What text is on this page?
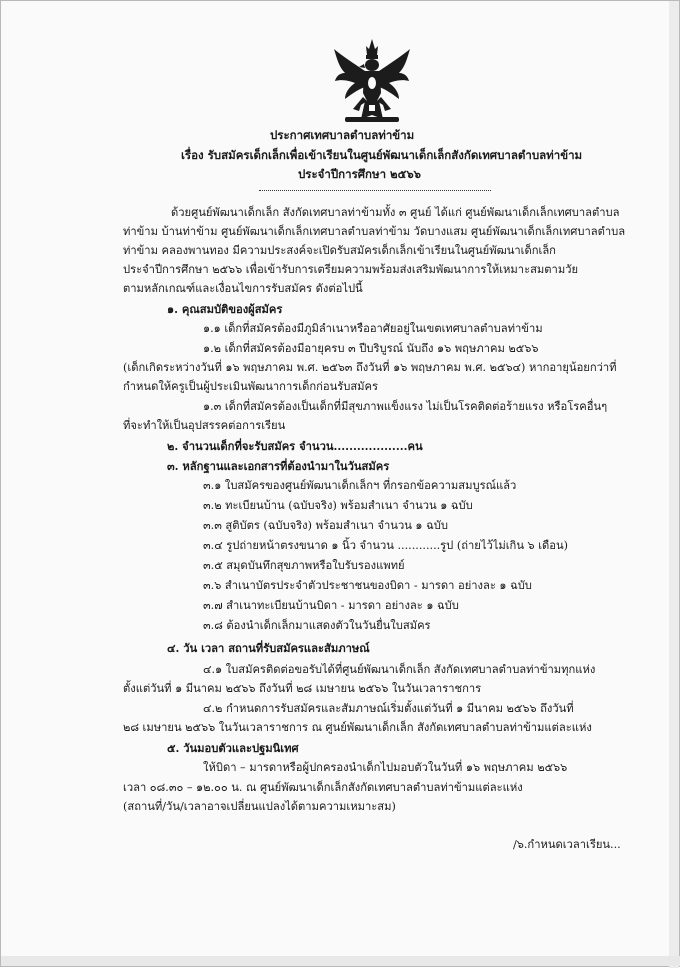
ประกาศเทศบาลตำบลท่าข้าม
เรื่อง รับสมัครเด็กเล็กเพื่อเข้าเรียนในศูนย์พัฒนาเด็กเล็กสังกัดเทศบาลตำบลท่าข้าม
ประจำปีการศึกษา ๒๕๖๖
ด้วยศูนย์พัฒนาเด็กเล็ก สังกัดเทศบาลท่าข้ามทั้ง ๓ ศูนย์ ได้แก่ ศูนย์พัฒนาเด็กเล็กเทศบาลตำบล
ท่าข้าม บ้านท่าข้าม ศูนย์พัฒนาเด็กเล็กเทศบาลตำบลท่าข้าม วัดบางแสม ศูนย์พัฒนาเด็กเล็กเทศบาลตำบล
ท่าข้าม คลองพานทอง มีความประสงค์จะเปิดรับสมัครเด็กเล็กเข้าเรียนในศูนย์พัฒนาเด็กเล็ก
ประจำปีการศึกษา ๒๕๖๖ เพื่อเข้ารับการเตรียมความพร้อมส่งเสริมพัฒนาการให้เหมาะสมตามวัย
ตามหลักเกณฑ์และเงื่อนไขการรับสมัคร ดังต่อไปนี้
๑. คุณสมบัติของผู้สมัคร
๑.๑ เด็กที่สมัครต้องมีภูมิลำเนาหรืออาศัยอยู่ในเขตเทศบาลตำบลท่าข้าม
๑.๒ เด็กที่สมัครต้องมีอายุครบ ๓ ปีบริบูรณ์ นับถึง ๑๖ พฤษภาคม ๒๕๖๖
(เด็กเกิดระหว่างวันที่ ๑๖ พฤษภาคม พ.ศ. ๒๕๖๓ ถึงวันที่ ๑๖ พฤษภาคม พ.ศ. ๒๕๖๔) หากอายุน้อยกว่าที่
กำหนดให้ครูเป็นผู้ประเมินพัฒนาการเด็กก่อนรับสมัคร
๑.๓ เด็กที่สมัครต้องเป็นเด็กที่มีสุขภาพแข็งแรง ไม่เป็นโรคติดต่อร้ายแรง หรือโรคอื่นๆ
ที่จะทำให้เป็นอุปสรรคต่อการเรียน
๒. จำนวนเด็กที่จะรับสมัคร จำนวน...................คน
๓. หลักฐานและเอกสารที่ต้องนำมาในวันสมัคร
๓.๑ ใบสมัครของศูนย์พัฒนาเด็กเล็กฯ ที่กรอกข้อความสมบูรณ์แล้ว
๓.๒ ทะเบียนบ้าน (ฉบับจริง) พร้อมสำเนา จำนวน ๑ ฉบับ
๓.๓ สูติบัตร (ฉบับจริง) พร้อมสำเนา จำนวน ๑ ฉบับ
๓.๔ รูปถ่ายหน้าตรงขนาด ๑ นิ้ว จำนวน ............รูป (ถ่ายไว้ไม่เกิน ๖ เดือน)
๓.๕ สมุดบันทึกสุขภาพหรือใบรับรองแพทย์
๓.๖ สำเนาบัตรประจำตัวประชาชนของบิดา - มารดา อย่างละ ๑ ฉบับ
๓.๗ สำเนาทะเบียนบ้านบิดา - มารดา อย่างละ ๑ ฉบับ
๓.๘ ต้องนำเด็กเล็กมาแสดงตัวในวันยื่นใบสมัคร
๔. วัน เวลา สถานที่รับสมัครและสัมภาษณ์
๔.๑ ใบสมัครติดต่อขอรับได้ที่ศูนย์พัฒนาเด็กเล็ก สังกัดเทศบาลตำบลท่าข้ามทุกแห่ง
ตั้งแต่วันที่ ๑ มีนาคม ๒๕๖๖ ถึงวันที่ ๒๘ เมษายน ๒๕๖๖ ในวันเวลาราชการ
๔.๒ กำหนดการรับสมัครและสัมภาษณ์เริ่มตั้งแต่วันที่ ๑ มีนาคม ๒๕๖๖ ถึงวันที่
๒๘ เมษายน ๒๕๖๖ ในวันเวลาราชการ ณ ศูนย์พัฒนาเด็กเล็ก สังกัดเทศบาลตำบลท่าข้ามแต่ละแห่ง
๕. วันมอบตัวและปฐมนิเทศ
ให้บิดา – มารดาหรือผู้ปกครองนำเด็กไปมอบตัวในวันที่ ๑๖ พฤษภาคม ๒๕๖๖
เวลา ๐๘.๓๐ – ๑๒.๐๐ น. ณ ศูนย์พัฒนาเด็กเล็กสังกัดเทศบาลตำบลท่าข้ามแต่ละแห่ง
(สถานที่/วัน/เวลาอาจเปลี่ยนแปลงได้ตามความเหมาะสม)
/๖.กำหนดเวลาเรียน...
